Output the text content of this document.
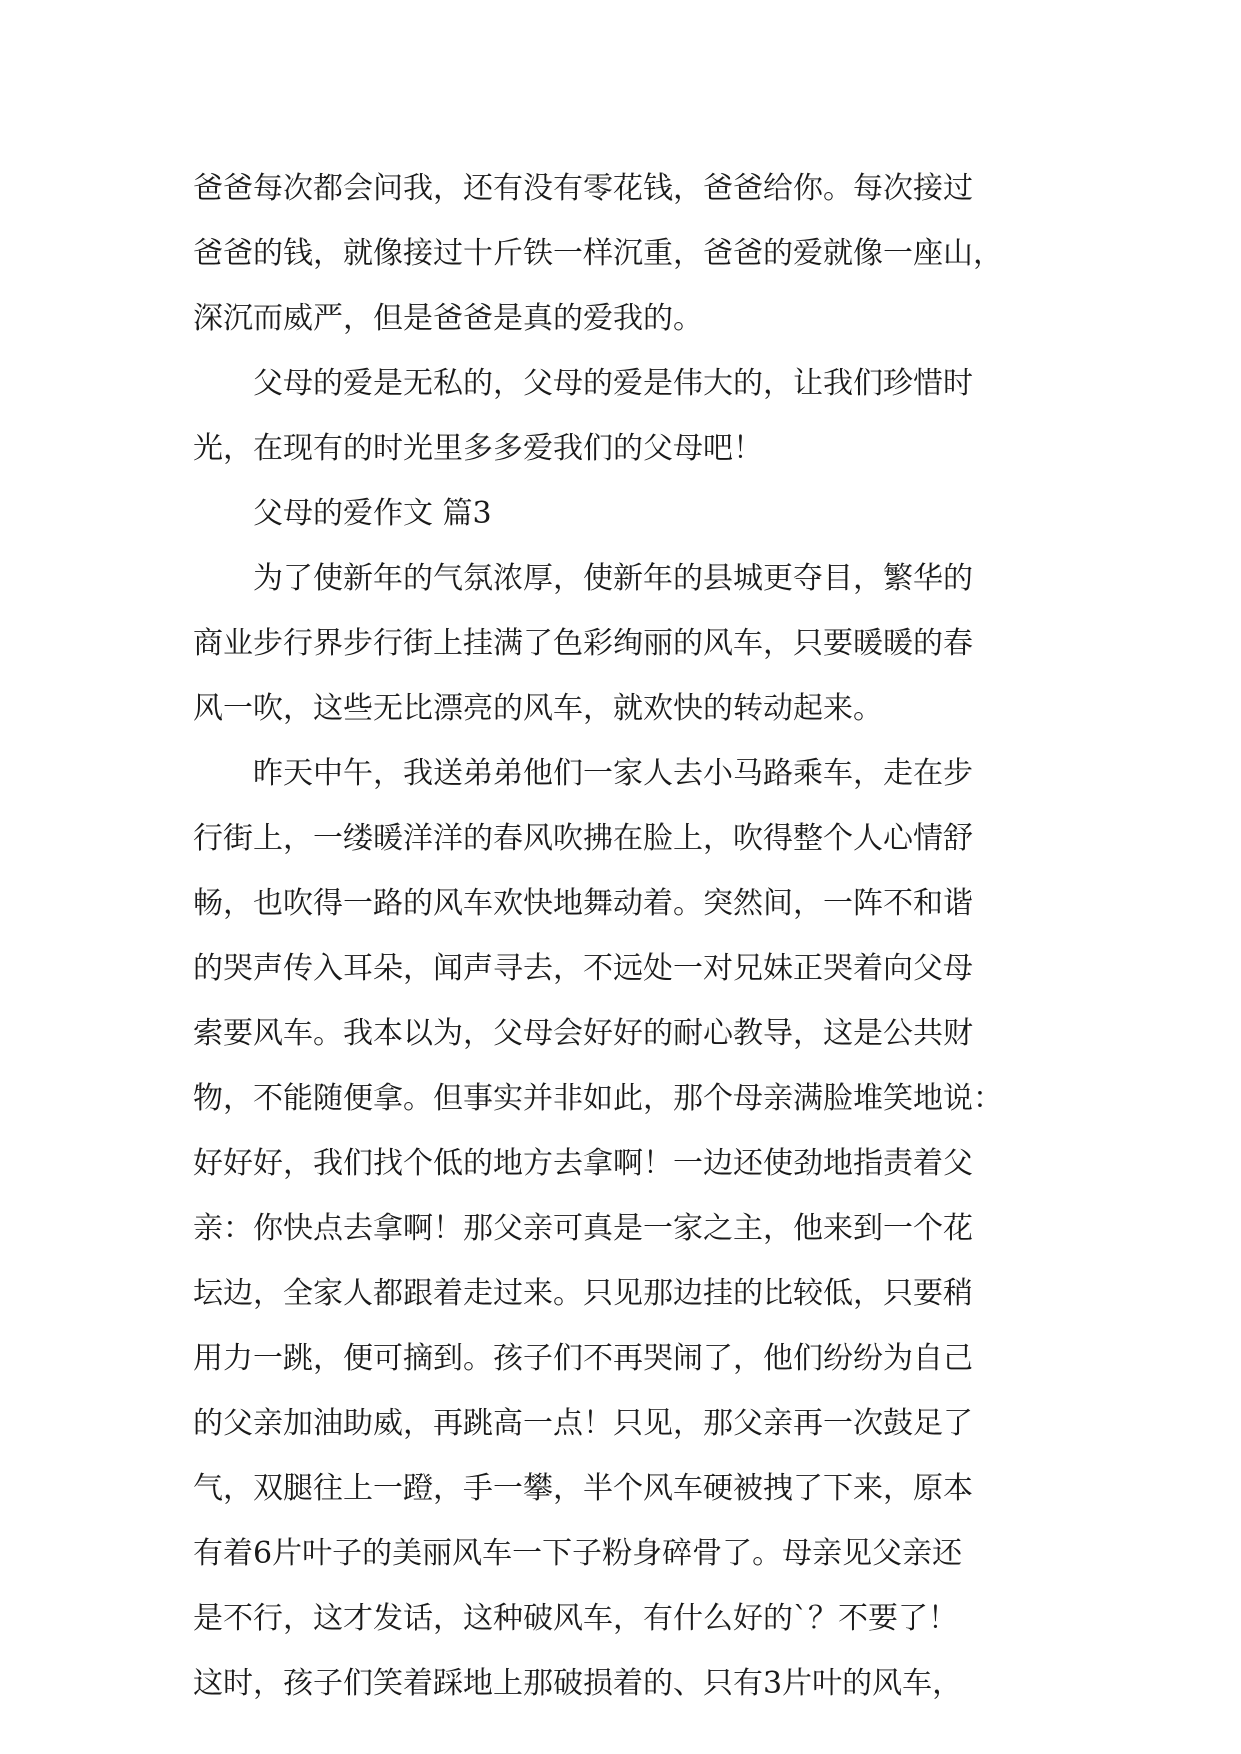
爸爸每次都会问我，还有没有零花钱，爸爸给你。每次接过
爸爸的钱，就像接过十斤铁一样沉重，爸爸的爱就像一座山，
深沉而威严，但是爸爸是真的爱我的。
　　父母的爱是无私的，父母的爱是伟大的，让我们珍惜时
光，在现有的时光里多多爱我们的父母吧！
　　父母的爱作文 篇3
　　为了使新年的气氛浓厚，使新年的县城更夺目，繁华的
商业步行界步行街上挂满了色彩绚丽的风车，只要暖暖的春
风一吹，这些无比漂亮的风车，就欢快的转动起来。
　　昨天中午，我送弟弟他们一家人去小马路乘车，走在步
行街上，一缕暖洋洋的春风吹拂在脸上，吹得整个人心情舒
畅，也吹得一路的风车欢快地舞动着。突然间，一阵不和谐
的哭声传入耳朵，闻声寻去，不远处一对兄妹正哭着向父母
索要风车。我本以为，父母会好好的耐心教导，这是公共财
物，不能随便拿。但事实并非如此，那个母亲满脸堆笑地说：
好好好，我们找个低的地方去拿啊！一边还使劲地指责着父
亲：你快点去拿啊！那父亲可真是一家之主，他来到一个花
坛边，全家人都跟着走过来。只见那边挂的比较低，只要稍
用力一跳，便可摘到。孩子们不再哭闹了，他们纷纷为自己
的父亲加油助威，再跳高一点！只见，那父亲再一次鼓足了
气，双腿往上一蹬，手一攀，半个风车硬被拽了下来，原本
有着6片叶子的美丽风车一下子粉身碎骨了。母亲见父亲还
是不行，这才发话，这种破风车，有什么好的`？不要了！
这时，孩子们笑着踩地上那破损着的、只有3片叶的风车，
